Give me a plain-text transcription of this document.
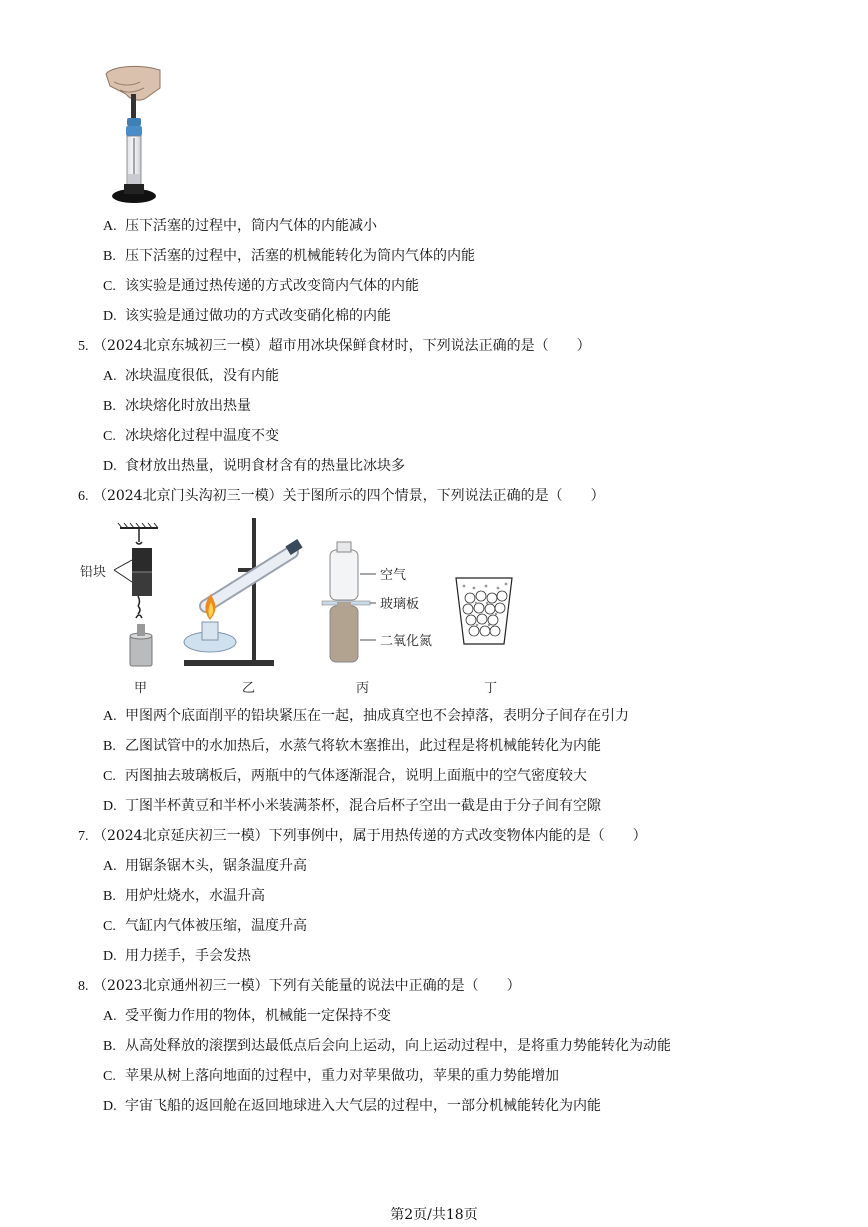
A. 压下活塞的过程中，筒内气体的内能减小
B. 压下活塞的过程中，活塞的机械能转化为筒内气体的内能
C. 该实验是通过热传递的方式改变筒内气体的内能
D. 该实验是通过做功的方式改变硝化棉的内能
5. （2024北京东城初三一模）超市用冰块保鲜食材时，下列说法正确的是（ ）
A. 冰块温度很低，没有内能
B. 冰块熔化时放出热量
C. 冰块熔化过程中温度不变
D. 食材放出热量，说明食材含有的热量比冰块多
6. （2024北京门头沟初三一模）关于图所示的四个情景，下列说法正确的是（ ）
铅块	空气
玻璃板
二氧化氮
甲	乙	丙	丁
A. 甲图两个底面削平的铅块紧压在一起，抽成真空也不会掉落，表明分子间存在引力
B. 乙图试管中的水加热后，水蒸气将软木塞推出，此过程是将机械能转化为内能
C. 丙图抽去玻璃板后，两瓶中的气体逐渐混合，说明上面瓶中的空气密度较大
D. 丁图半杯黄豆和半杯小米装满茶杯，混合后杯子空出一截是由于分子间有空隙
7. （2024北京延庆初三一模）下列事例中，属于用热传递的方式改变物体内能的是（ ）
A. 用锯条锯木头，锯条温度升高
B. 用炉灶烧水，水温升高
C. 气缸内气体被压缩，温度升高
D. 用力搓手，手会发热
8. （2023北京通州初三一模）下列有关能量的说法中正确的是（ ）
A. 受平衡力作用的物体，机械能一定保持不变
B. 从高处释放的滚摆到达最低点后会向上运动，向上运动过程中，是将重力势能转化为动能
C. 苹果从树上落向地面的过程中，重力对苹果做功，苹果的重力势能增加
D. 宇宙飞船的返回舱在返回地球进入大气层的过程中，一部分机械能转化为内能
第2页/共18页
